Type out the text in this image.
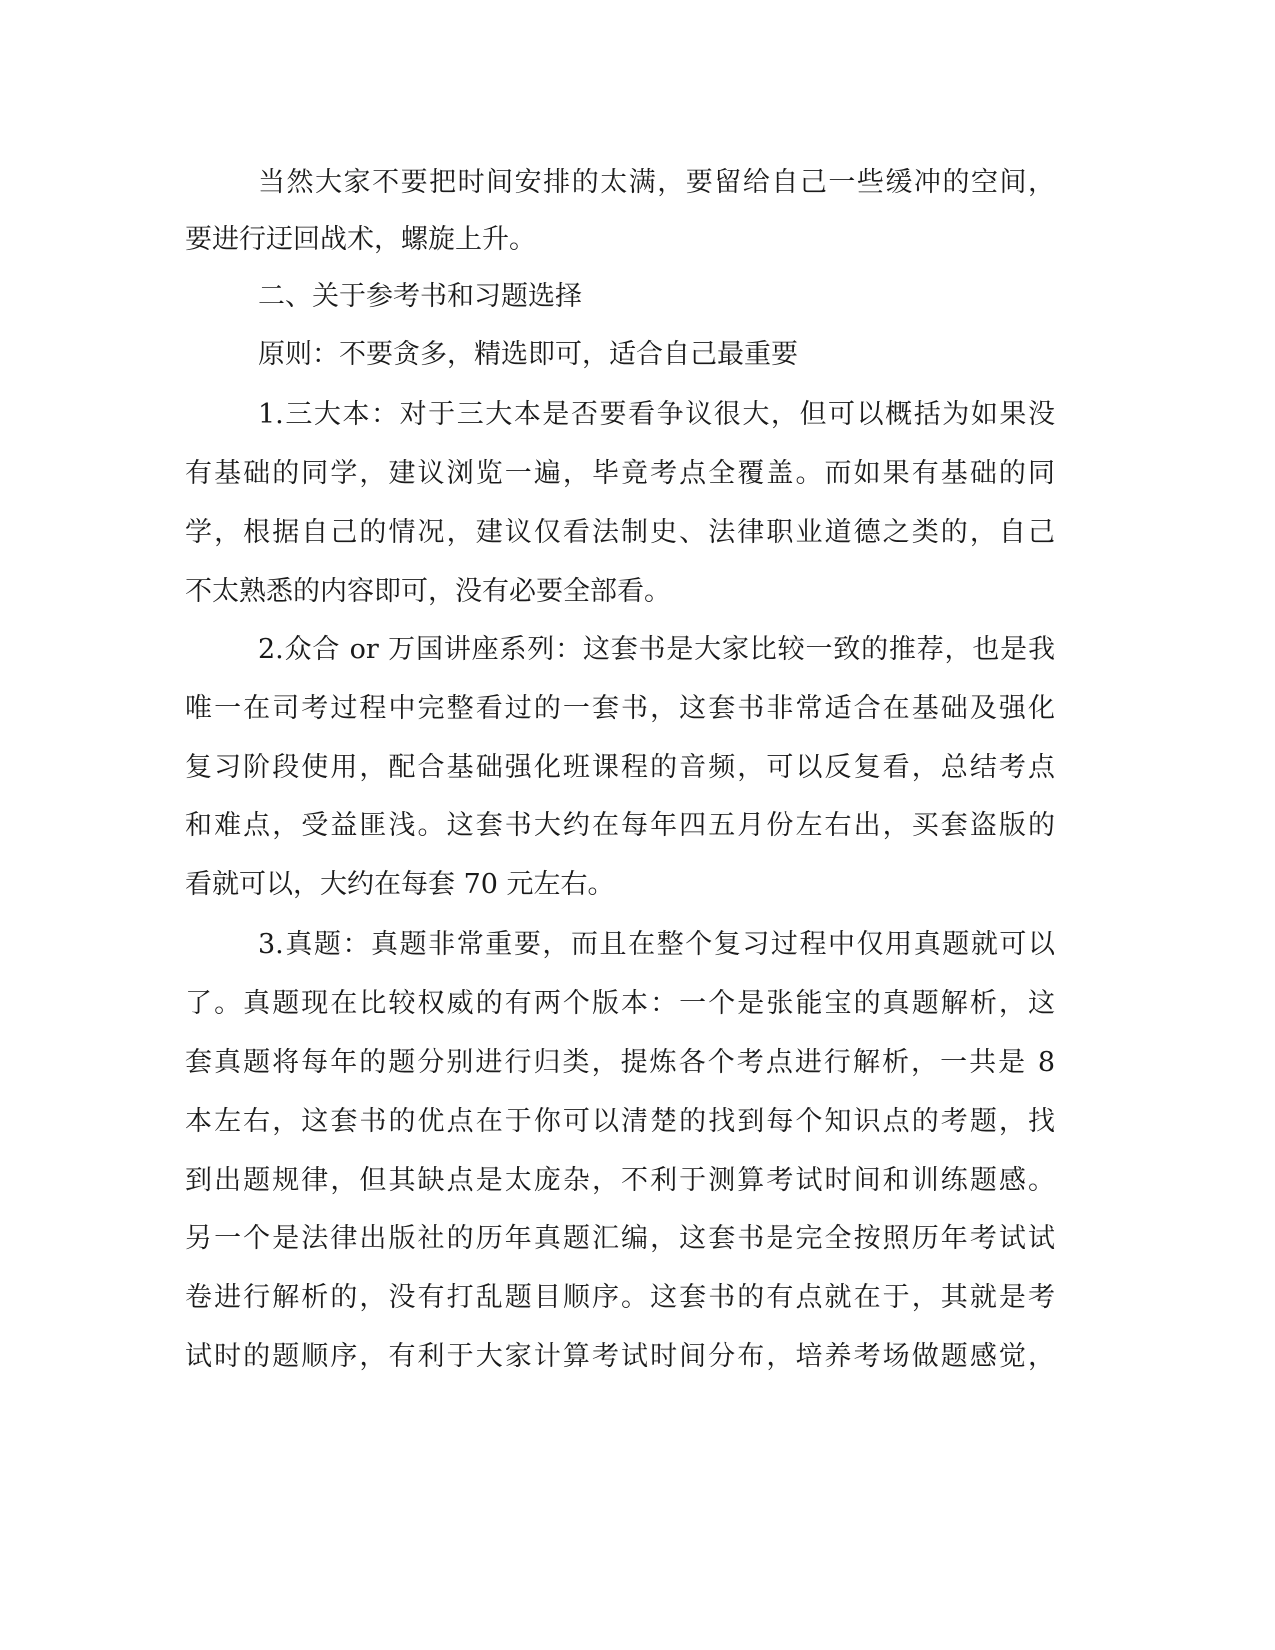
当然大家不要把时间安排的太满，要留给自己一些缓冲的空间，

要进行迂回战术，螺旋上升。

二、关于参考书和习题选择

原则：不要贪多，精选即可，适合自己最重要

1.三大本：对于三大本是否要看争议很大，但可以概括为如果没

有基础的同学，建议浏览一遍，毕竟考点全覆盖。而如果有基础的同

学，根据自己的情况，建议仅看法制史、法律职业道德之类的，自己

不太熟悉的内容即可，没有必要全部看。

2.众合 or 万国讲座系列：这套书是大家比较一致的推荐，也是我

唯一在司考过程中完整看过的一套书，这套书非常适合在基础及强化

复习阶段使用，配合基础强化班课程的音频，可以反复看，总结考点

和难点，受益匪浅。这套书大约在每年四五月份左右出，买套盗版的

看就可以，大约在每套 70 元左右。

3.真题：真题非常重要，而且在整个复习过程中仅用真题就可以

了。真题现在比较权威的有两个版本：一个是张能宝的真题解析，这

套真题将每年的题分别进行归类，提炼各个考点进行解析，一共是 8

本左右，这套书的优点在于你可以清楚的找到每个知识点的考题，找

到出题规律，但其缺点是太庞杂，不利于测算考试时间和训练题感。

另一个是法律出版社的历年真题汇编，这套书是完全按照历年考试试

卷进行解析的，没有打乱题目顺序。这套书的有点就在于，其就是考

试时的题顺序，有利于大家计算考试时间分布，培养考场做题感觉，
